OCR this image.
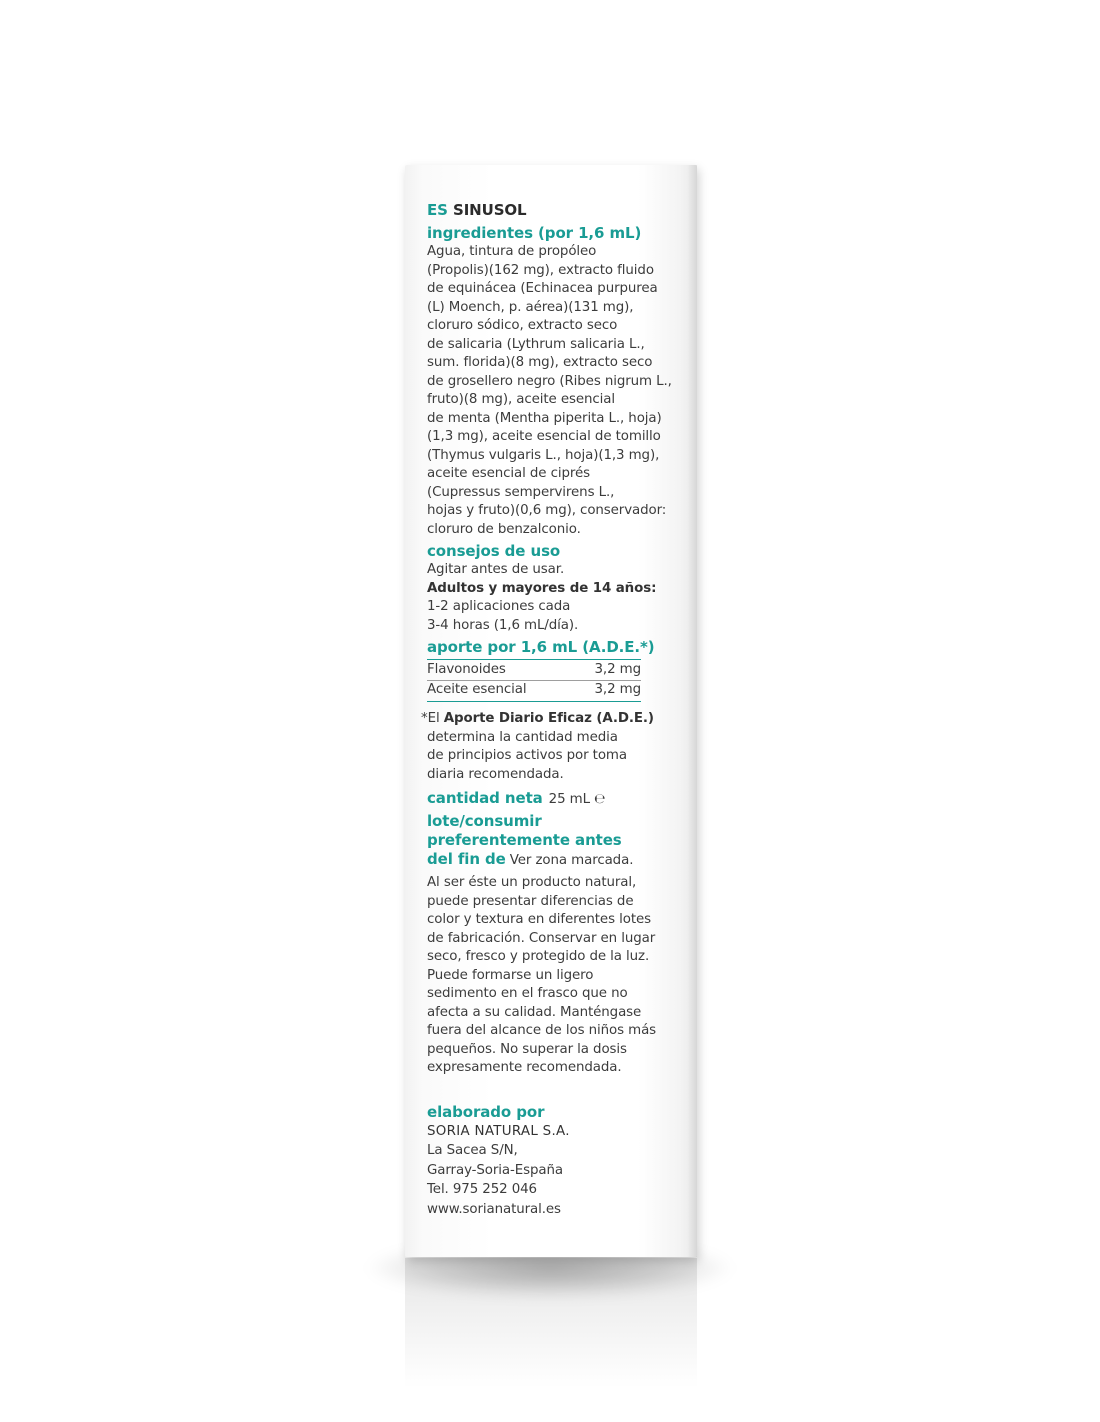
ES SINUSOL
ingredientes (por 1,6 mL)
Agua, tintura de propóleo
(Propolis)(162 mg), extracto fluido
de equinácea (Echinacea purpurea
(L) Moench, p. aérea)(131 mg),
cloruro sódico, extracto seco
de salicaria (Lythrum salicaria L.,
sum. florida)(8 mg), extracto seco
de grosellero negro (Ribes nigrum L.,
fruto)(8 mg), aceite esencial
de menta (Mentha piperita L., hoja)
(1,3 mg), aceite esencial de tomillo
(Thymus vulgaris L., hoja)(1,3 mg),
aceite esencial de ciprés
(Cupressus sempervirens L.,
hojas y fruto)(0,6 mg), conservador:
cloruro de benzalconio.
consejos de uso
Agitar antes de usar.
Adultos y mayores de 14 años:
1-2 aplicaciones cada
3-4 horas (1,6 mL/día).
aporte por 1,6 mL (A.D.E.*)
Flavonoides	3,2 mg
Aceite esencial	3,2 mg
*El Aporte Diario Eficaz (A.D.E.)
determina la cantidad media
de principios activos por toma
diaria recomendada.
cantidad neta 25 mL ℮
lote/consumir
preferentemente antes
del fin de Ver zona marcada.
Al ser éste un producto natural,
puede presentar diferencias de
color y textura en diferentes lotes
de fabricación. Conservar en lugar
seco, fresco y protegido de la luz.
Puede formarse un ligero
sedimento en el frasco que no
afecta a su calidad. Manténgase
fuera del alcance de los niños más
pequeños. No superar la dosis
expresamente recomendada.
elaborado por
SORIA NATURAL S.A.
La Sacea S/N,
Garray-Soria-España
Tel. 975 252 046
www.sorianatural.es
